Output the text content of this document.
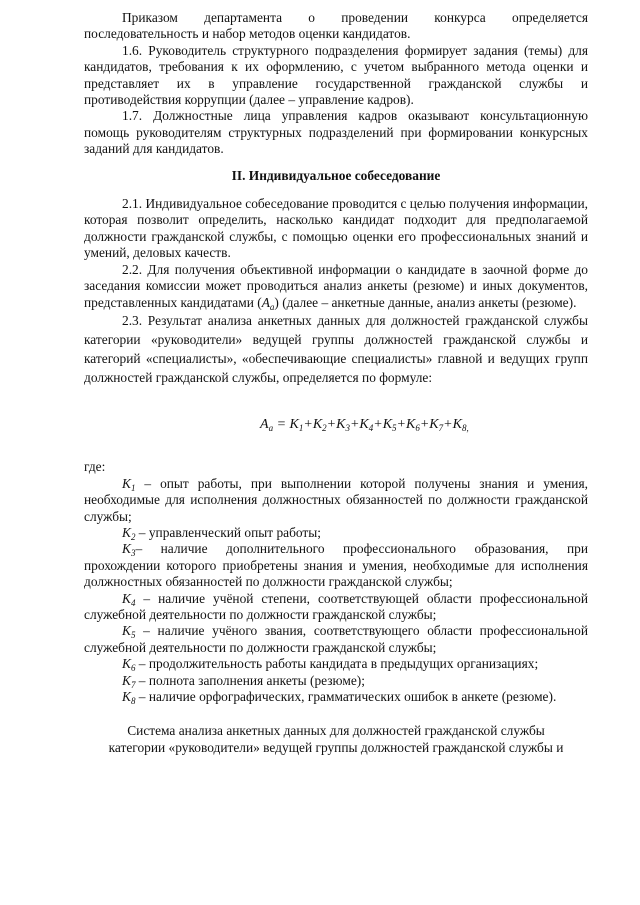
Приказом департамента о проведении конкурса определяется последовательность и набор методов оценки кандидатов.

1.6. Руководитель структурного подразделения формирует задания (темы) для кандидатов, требования к их оформлению, с учетом выбранного метода оценки и представляет их в управление государственной гражданской службы и противодействия коррупции (далее – управление кадров).

1.7. Должностные лица управления кадров оказывают консультационную помощь руководителям структурных подразделений при формировании конкурсных заданий для кандидатов.

II. Индивидуальное собеседование

2.1. Индивидуальное собеседование проводится с целью получения информации, которая позволит определить, насколько кандидат подходит для предполагаемой должности гражданской службы, с помощью оценки его профессиональных знаний и умений, деловых качеств.

2.2. Для получения объективной информации о кандидате в заочной форме до заседания комиссии может проводиться анализ анкеты (резюме) и иных документов, представленных кандидатами $(A_a)$ (далее – анкетные данные, анализ анкеты (резюме).

2.3. Результат анализа анкетных данных для должностей гражданской службы категории «руководители» ведущей группы должностей гражданской службы и категорий «специалисты», «обеспечивающие специалисты» главной и ведущих групп должностей гражданской службы, определяется по формуле:

$A_a = K_1+K_2+K_3+K_4+K_5+K_6+K_7+K_{8,}$

где:

$K_1$ – опыт работы, при выполнении которой получены знания и умения, необходимые для исполнения должностных обязанностей по должности гражданской службы;

$K_2$ – управленческий опыт работы;

$K_3-$ наличие дополнительного профессионального образования, при прохождении которого приобретены знания и умения, необходимые для исполнения должностных обязанностей по должности гражданской службы;

$K_4$ – наличие учёной степени, соответствующей области профессиональной служебной деятельности по должности гражданской службы;

$K_5$ – наличие учёного звания, соответствующего области профессиональной служебной деятельности по должности гражданской службы;

$K_6$ – продолжительность работы кандидата в предыдущих организациях;

$K_7$ – полнота заполнения анкеты (резюме);

$K_8$ – наличие орфографических, грамматических ошибок в анкете (резюме).

Система анализа анкетных данных для должностей гражданской службы

категории «руководители» ведущей группы должностей гражданской службы и
